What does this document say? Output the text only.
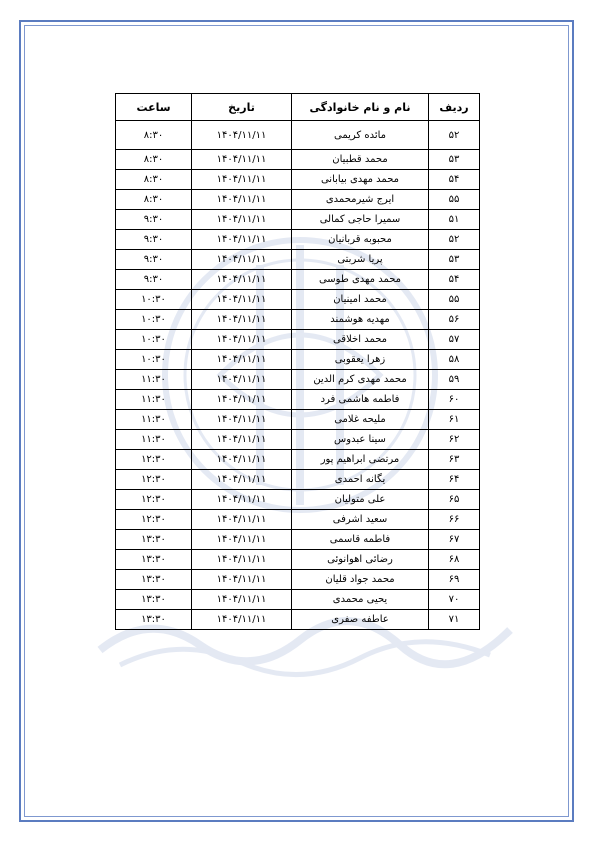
ردیف	نام و نام خانوادگی	تاریخ	ساعت
۵۲	مائده کریمی	۱۴۰۴/۱۱/۱۱	۸:۳۰
۵۳	محمد قطبیان	۱۴۰۴/۱۱/۱۱	۸:۳۰
۵۴	محمد مهدی بیابانی	۱۴۰۴/۱۱/۱۱	۸:۳۰
۵۵	ایرج شیرمحمدی	۱۴۰۴/۱۱/۱۱	۸:۳۰
۵۱	سمیرا حاجی کمالی	۱۴۰۴/۱۱/۱۱	۹:۳۰
۵۲	محبوبه قربانیان	۱۴۰۴/۱۱/۱۱	۹:۳۰
۵۳	پریا شربتی	۱۴۰۴/۱۱/۱۱	۹:۳۰
۵۴	محمد مهدی طوسی	۱۴۰۴/۱۱/۱۱	۹:۳۰
۵۵	محمد امینیان	۱۴۰۴/۱۱/۱۱	۱۰:۳۰
۵۶	مهدیه هوشمند	۱۴۰۴/۱۱/۱۱	۱۰:۳۰
۵۷	محمد اخلاقی	۱۴۰۴/۱۱/۱۱	۱۰:۳۰
۵۸	زهرا یعقوبی	۱۴۰۴/۱۱/۱۱	۱۰:۳۰
۵۹	محمد مهدی کرم الدین	۱۴۰۴/۱۱/۱۱	۱۱:۳۰
۶۰	فاطمه هاشمی فرد	۱۴۰۴/۱۱/۱۱	۱۱:۳۰
۶۱	ملیحه غلامی	۱۴۰۴/۱۱/۱۱	۱۱:۳۰
۶۲	سینا عبدوس	۱۴۰۴/۱۱/۱۱	۱۱:۳۰
۶۳	مرتضی ابراهیم پور	۱۴۰۴/۱۱/۱۱	۱۲:۳۰
۶۴	یگانه احمدی	۱۴۰۴/۱۱/۱۱	۱۲:۳۰
۶۵	علی متولیان	۱۴۰۴/۱۱/۱۱	۱۲:۳۰
۶۶	سعید اشرفی	۱۴۰۴/۱۱/۱۱	۱۲:۳۰
۶۷	فاطمه قاسمی	۱۴۰۴/۱۱/۱۱	۱۳:۳۰
۶۸	رضائی اهوانوئی	۱۴۰۴/۱۱/۱۱	۱۳:۳۰
۶۹	محمد جواد قلیان	۱۴۰۴/۱۱/۱۱	۱۳:۳۰
۷۰	یحیی محمدی	۱۴۰۴/۱۱/۱۱	۱۳:۳۰
۷۱	عاطفه صفری	۱۴۰۴/۱۱/۱۱	۱۳:۳۰
